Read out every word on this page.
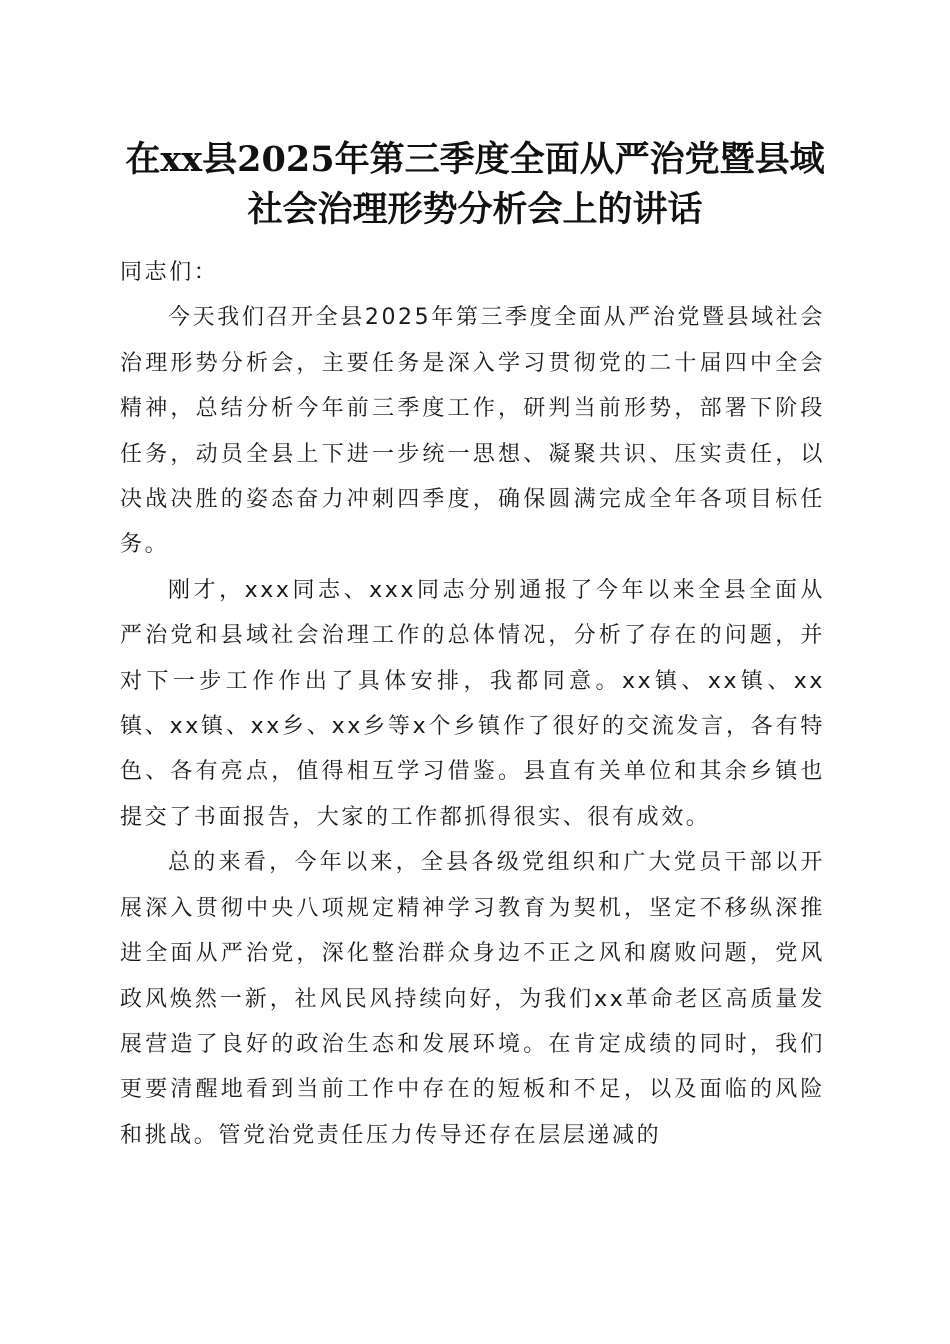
在xx县2025年第三季度全面从严治党暨县域
社会治理形势分析会上的讲话

同志们：

今天我们召开全县2025年第三季度全面从严治党暨县域社会治理形势分析会，主要任务是深入学习贯彻党的二十届四中全会精神，总结分析今年前三季度工作，研判当前形势，部署下阶段任务，动员全县上下进一步统一思想、凝聚共识、压实责任，以决战决胜的姿态奋力冲刺四季度，确保圆满完成全年各项目标任务。

刚才，xxx同志、xxx同志分别通报了今年以来全县全面从严治党和县域社会治理工作的总体情况，分析了存在的问题，并对下一步工作作出了具体安排，我都同意。xx镇、xx镇、xx镇、xx镇、xx乡、xx乡等x个乡镇作了很好的交流发言，各有特色、各有亮点，值得相互学习借鉴。县直有关单位和其余乡镇也提交了书面报告，大家的工作都抓得很实、很有成效。

总的来看，今年以来，全县各级党组织和广大党员干部以开展深入贯彻中央八项规定精神学习教育为契机，坚定不移纵深推进全面从严治党，深化整治群众身边不正之风和腐败问题，党风政风焕然一新，社风民风持续向好，为我们xx革命老区高质量发展营造了良好的政治生态和发展环境。在肯定成绩的同时，我们更要清醒地看到当前工作中存在的短板和不足，以及面临的风险和挑战。管党治党责任压力传导还存在层层递减的
